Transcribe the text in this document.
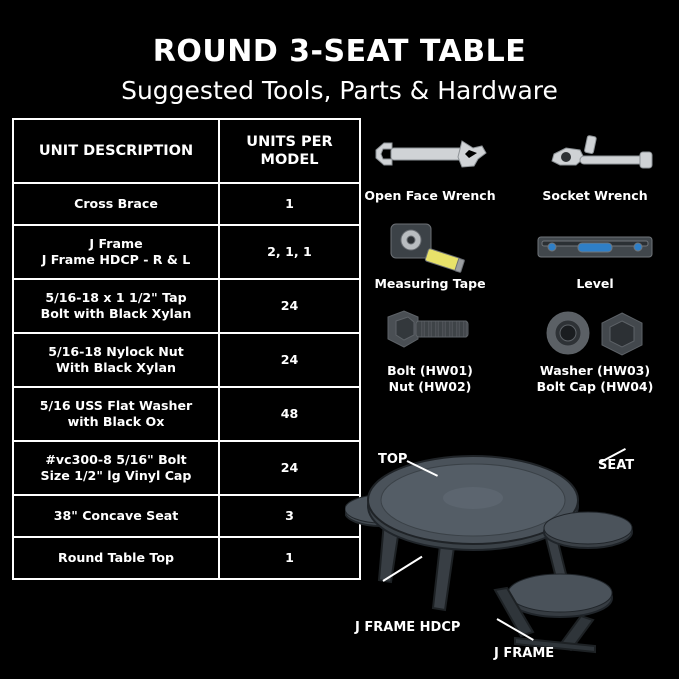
ROUND 3-SEAT TABLE
Suggested Tools, Parts & Hardware
UNIT DESCRIPTION	UNITS PER
MODEL
Cross Brace	1
J Frame
J Frame HDCP - R & L	2, 1, 1
5/16-18 x 1 1/2" Tap
Bolt with Black Xylan	24
5/16-18 Nylock Nut
With Black Xylan	24
5/16 USS Flat Washer
with Black Ox	48
#vc300-8 5/16" Bolt
Size 1/2" lg Vinyl Cap	24
38" Concave Seat	3
Round Table Top	1
Open Face Wrench	Socket Wrench
Measuring Tape	Level
Bolt (HW01)
Nut (HW02)
Washer (HW03)
Bolt Cap (HW04)
TOP	SEAT
J FRAME HDCP
J FRAME
